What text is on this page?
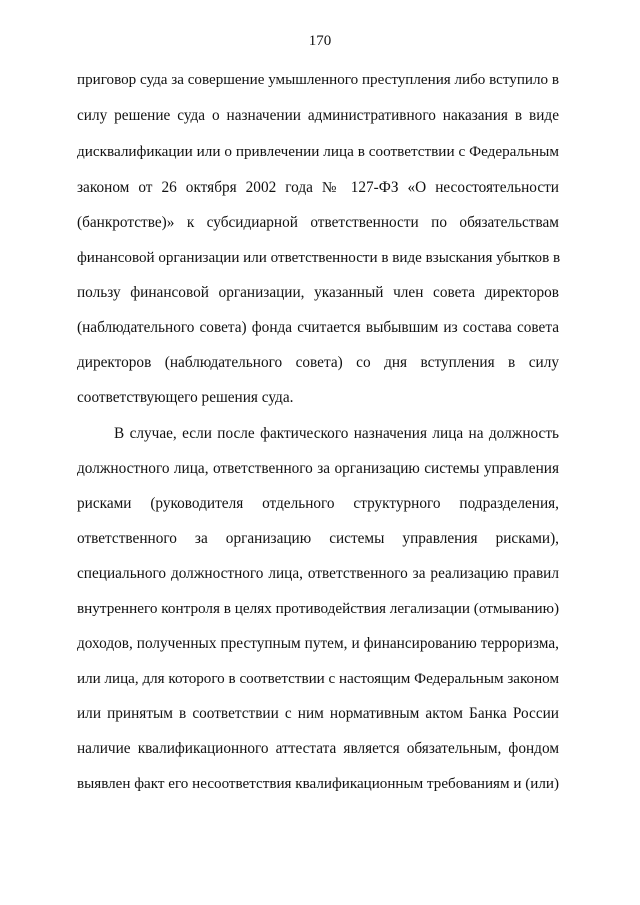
170
приговор суда за совершение умышленного преступления либо вступило в
силу решение суда о назначении административного наказания в виде
дисквалификации или о привлечении лица в соответствии с Федеральным
законом от 26 октября 2002 года № 127-ФЗ «О несостоятельности
(банкротстве)» к субсидиарной ответственности по обязательствам
финансовой организации или ответственности в виде взыскания убытков в
пользу финансовой организации, указанный член совета директоров
(наблюдательного совета) фонда считается выбывшим из состава совета
директоров (наблюдательного совета) со дня вступления в силу
соответствующего решения суда.
В случае, если после фактического назначения лица на должность
должностного лица, ответственного за организацию системы управления
рисками (руководителя отдельного структурного подразделения,
ответственного за организацию системы управления рисками),
специального должностного лица, ответственного за реализацию правил
внутреннего контроля в целях противодействия легализации (отмыванию)
доходов, полученных преступным путем, и финансированию терроризма,
или лица, для которого в соответствии с настоящим Федеральным законом
или принятым в соответствии с ним нормативным актом Банка России
наличие квалификационного аттестата является обязательным, фондом
выявлен факт его несоответствия квалификационным требованиям и (или)
